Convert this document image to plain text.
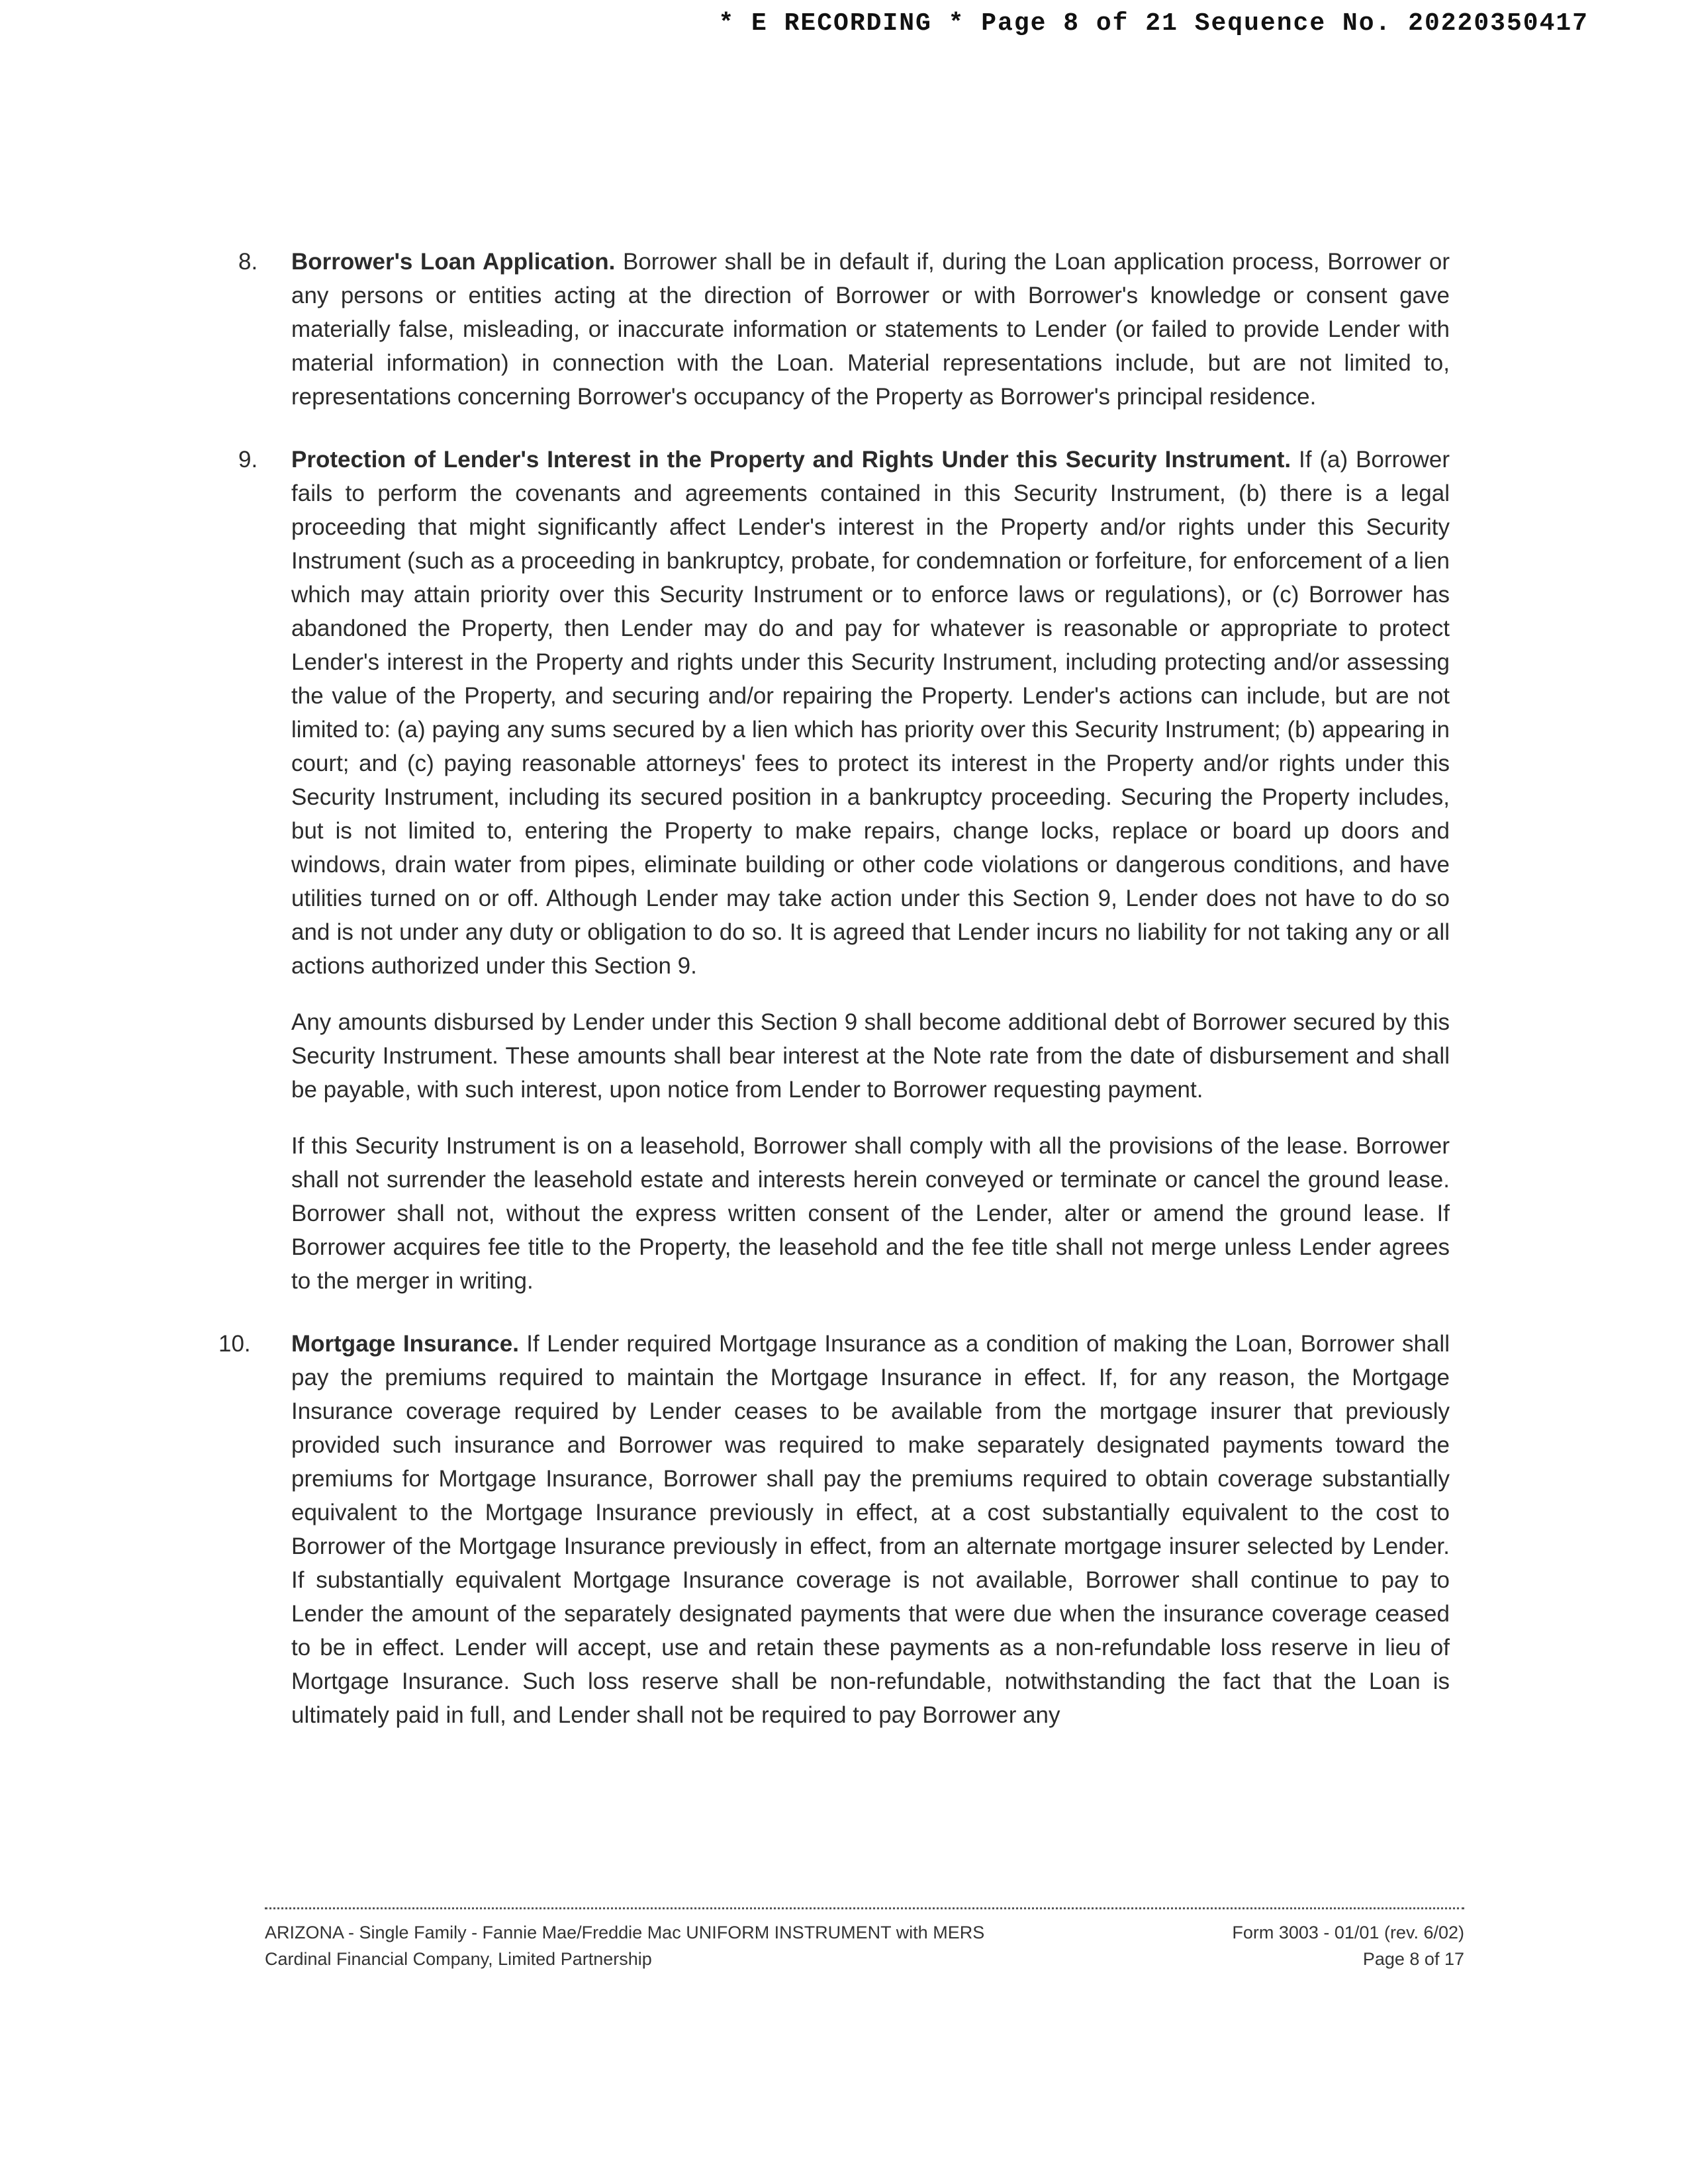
* E RECORDING * Page 8 of 21 Sequence No. 20220350417
8.	Borrower's Loan Application. Borrower shall be in default if, during the Loan application process, Borrower or any persons or entities acting at the direction of Borrower or with Borrower's knowledge or consent gave materially false, misleading, or inaccurate information or statements to Lender (or failed to provide Lender with material information) in connection with the Loan. Material representations include, but are not limited to, representations concerning Borrower's occupancy of the Property as Borrower's principal residence.

9.	Protection of Lender's Interest in the Property and Rights Under this Security Instrument. If (a) Borrower fails to perform the covenants and agreements contained in this Security Instrument, (b) there is a legal proceeding that might significantly affect Lender's interest in the Property and/or rights under this Security Instrument (such as a proceeding in bankruptcy, probate, for condemnation or forfeiture, for enforcement of a lien which may attain priority over this Security Instrument or to enforce laws or regulations), or (c) Borrower has abandoned the Property, then Lender may do and pay for whatever is reasonable or appropriate to protect Lender's interest in the Property and rights under this Security Instrument, including protecting and/or assessing the value of the Property, and securing and/or repairing the Property. Lender's actions can include, but are not limited to: (a) paying any sums secured by a lien which has priority over this Security Instrument; (b) appearing in court; and (c) paying reasonable attorneys' fees to protect its interest in the Property and/or rights under this Security Instrument, including its secured position in a bankruptcy proceeding. Securing the Property includes, but is not limited to, entering the Property to make repairs, change locks, replace or board up doors and windows, drain water from pipes, eliminate building or other code violations or dangerous conditions, and have utilities turned on or off. Although Lender may take action under this Section 9, Lender does not have to do so and is not under any duty or obligation to do so. It is agreed that Lender incurs no liability for not taking any or all actions authorized under this Section 9.

Any amounts disbursed by Lender under this Section 9 shall become additional debt of Borrower secured by this Security Instrument. These amounts shall bear interest at the Note rate from the date of disbursement and shall be payable, with such interest, upon notice from Lender to Borrower requesting payment.

If this Security Instrument is on a leasehold, Borrower shall comply with all the provisions of the lease. Borrower shall not surrender the leasehold estate and interests herein conveyed or terminate or cancel the ground lease. Borrower shall not, without the express written consent of the Lender, alter or amend the ground lease. If Borrower acquires fee title to the Property, the leasehold and the fee title shall not merge unless Lender agrees to the merger in writing.

10.	Mortgage Insurance. If Lender required Mortgage Insurance as a condition of making the Loan, Borrower shall pay the premiums required to maintain the Mortgage Insurance in effect. If, for any reason, the Mortgage Insurance coverage required by Lender ceases to be available from the mortgage insurer that previously provided such insurance and Borrower was required to make separately designated payments toward the premiums for Mortgage Insurance, Borrower shall pay the premiums required to obtain coverage substantially equivalent to the Mortgage Insurance previously in effect, at a cost substantially equivalent to the cost to Borrower of the Mortgage Insurance previously in effect, from an alternate mortgage insurer selected by Lender. If substantially equivalent Mortgage Insurance coverage is not available, Borrower shall continue to pay to Lender the amount of the separately designated payments that were due when the insurance coverage ceased to be in effect. Lender will accept, use and retain these payments as a non-refundable loss reserve in lieu of Mortgage Insurance. Such loss reserve shall be non-refundable, notwithstanding the fact that the Loan is ultimately paid in full, and Lender shall not be required to pay Borrower any

ARIZONA - Single Family - Fannie Mae/Freddie Mac UNIFORM INSTRUMENT with MERS
Cardinal Financial Company, Limited Partnership
Form 3003 - 01/01 (rev. 6/02)
Page 8 of 17
